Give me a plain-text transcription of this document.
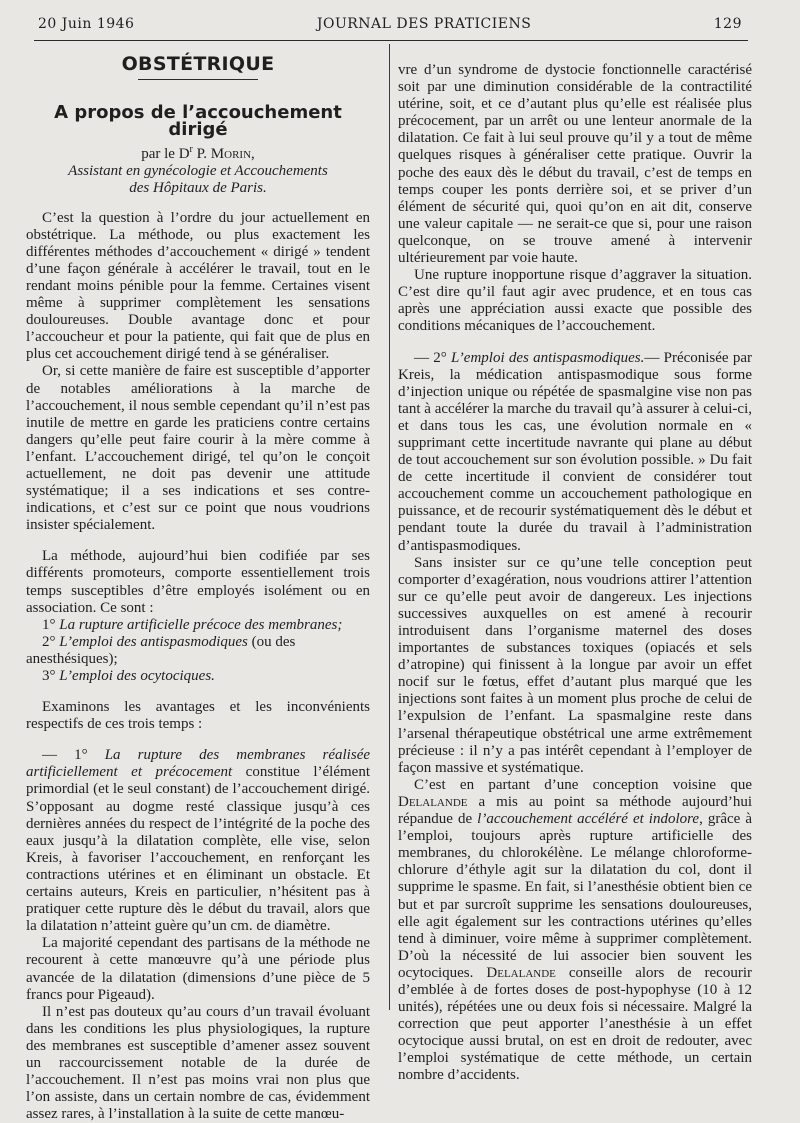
20 Juin 1946	JOURNAL DES PRATICIENS	129
OBSTÉTRIQUE
A propos de l’accouchement dirigé

par le $D^r$ P. Morin,

Assistant en gynécologie et Accouchements

des Hôpitaux de Paris.

C’est la question à l’ordre du jour actuellement en obstétrique. La méthode, ou plus exactement les différentes méthodes d’accouchement « dirigé » tendent d’une façon générale à accélérer le travail, tout en le rendant moins pénible pour la femme. Certaines visent même à supprimer complètement les sensations douloureuses. Double avantage donc et pour l’accoucheur et pour la patiente, qui fait que de plus en plus cet accouchement dirigé tend à se généraliser.

Or, si cette manière de faire est susceptible d’apporter de notables améliorations à la marche de l’accouchement, il nous semble cependant qu’il n’est pas inutile de mettre en garde les praticiens contre certains dangers qu’elle peut faire courir à la mère comme à l’enfant. L’accouchement dirigé, tel qu’on le conçoit actuellement, ne doit pas devenir une attitude systématique; il a ses indications et ses contre-indications, et c’est sur ce point que nous voudrions insister spécialement.

La méthode, aujourd’hui bien codifiée par ses différents promoteurs, comporte essentiellement trois temps susceptibles d’être employés isolément ou en association. Ce sont :

1° La rupture artificielle précoce des membranes;

2° L’emploi des antispasmodiques (ou des anesthésiques);

3° L’emploi des ocytociques.

Examinons les avantages et les inconvénients respectifs de ces trois temps :

— 1° La rupture des membranes réalisée artificiellement et précocement constitue l’élément primordial (et le seul constant) de l’accouchement dirigé. S’opposant au dogme resté classique jusqu’à ces dernières années du respect de l’intégrité de la poche des eaux jusqu’à la dilatation complète, elle vise, selon Kreis, à favoriser l’accouchement, en renforçant les contractions utérines et en éliminant un obstacle. Et certains auteurs, Kreis en particulier, n’hésitent pas à pratiquer cette rupture dès le début du travail, alors que la dilatation n’atteint guère qu’un cm. de diamètre.

La majorité cependant des partisans de la méthode ne recourent à cette manœuvre qu’à une période plus avancée de la dilatation (dimensions d’une pièce de 5 francs pour Pigeaud).

Il n’est pas douteux qu’au cours d’un travail évoluant dans les conditions les plus physiologiques, la rupture des membranes est susceptible d’amener assez souvent un raccourcissement notable de la durée de l’accouchement. Il n’est pas moins vrai non plus que l’on assiste, dans un certain nombre de cas, évidemment assez rares, à l’installation à la suite de cette manœu-

vre d’un syndrome de dystocie fonctionnelle caractérisé soit par une diminution considérable de la contractilité utérine, soit, et ce d’autant plus qu’elle est réalisée plus précocement, par un arrêt ou une lenteur anormale de la dilatation. Ce fait à lui seul prouve qu’il y a tout de même quelques risques à généraliser cette pratique. Ouvrir la poche des eaux dès le début du travail, c’est de temps en temps couper les ponts derrière soi, et se priver d’un élément de sécurité qui, quoi qu’on en ait dit, conserve une valeur capitale — ne serait-ce que si, pour une raison quelconque, on se trouve amené à intervenir ultérieurement par voie haute.

Une rupture inopportune risque d’aggraver la situation. C’est dire qu’il faut agir avec prudence, et en tous cas après une appréciation aussi exacte que possible des conditions mécaniques de l’accouchement.

— 2° L’emploi des antispasmodiques.— Préconisée par Kreis, la médication antispasmodique sous forme d’injection unique ou répétée de spasmalgine vise non pas tant à accélérer la marche du travail qu’à assurer à celui-ci, et dans tous les cas, une évolution normale en « supprimant cette incertitude navrante qui plane au début de tout accouchement sur son évolution possible. » Du fait de cette incertitude il convient de considérer tout accouchement comme un accouchement pathologique en puissance, et de recourir systématiquement dès le début et pendant toute la durée du travail à l’administration d’antispasmodiques.

Sans insister sur ce qu’une telle conception peut comporter d’exagération, nous voudrions attirer l’attention sur ce qu’elle peut avoir de dangereux. Les injections successives auxquelles on est amené à recourir introduisent dans l’organisme maternel des doses importantes de substances toxiques (opiacés et sels d’atropine) qui finissent à la longue par avoir un effet nocif sur le fœtus, effet d’autant plus marqué que les injections sont faites à un moment plus proche de celui de l’expulsion de l’enfant. La spasmalgine reste dans l’arsenal thérapeutique obstétrical une arme extrêmement précieuse : il n’y a pas intérêt cependant à l’employer de façon massive et systématique.

C’est en partant d’une conception voisine que Delalande a mis au point sa méthode aujourd’hui répandue de l’accouchement accéléré et indolore, grâce à l’emploi, toujours après rupture artificielle des membranes, du chlorokélène. Le mélange chloroforme-chlorure d’éthyle agit sur la dilatation du col, dont il supprime le spasme. En fait, si l’anesthésie obtient bien ce but et par surcroît supprime les sensations douloureuses, elle agit également sur les contractions utérines qu’elles tend à diminuer, voire même à supprimer complètement. D’où la nécessité de lui associer bien souvent les ocytociques. Delalande conseille alors de recourir d’emblée à de fortes doses de post-hypophyse (10 à 12 unités), répétées une ou deux fois si nécessaire. Malgré la correction que peut apporter l’anesthésie à un effet ocytocique aussi brutal, on est en droit de redouter, avec l’emploi systématique de cette méthode, un certain nombre d’accidents.
